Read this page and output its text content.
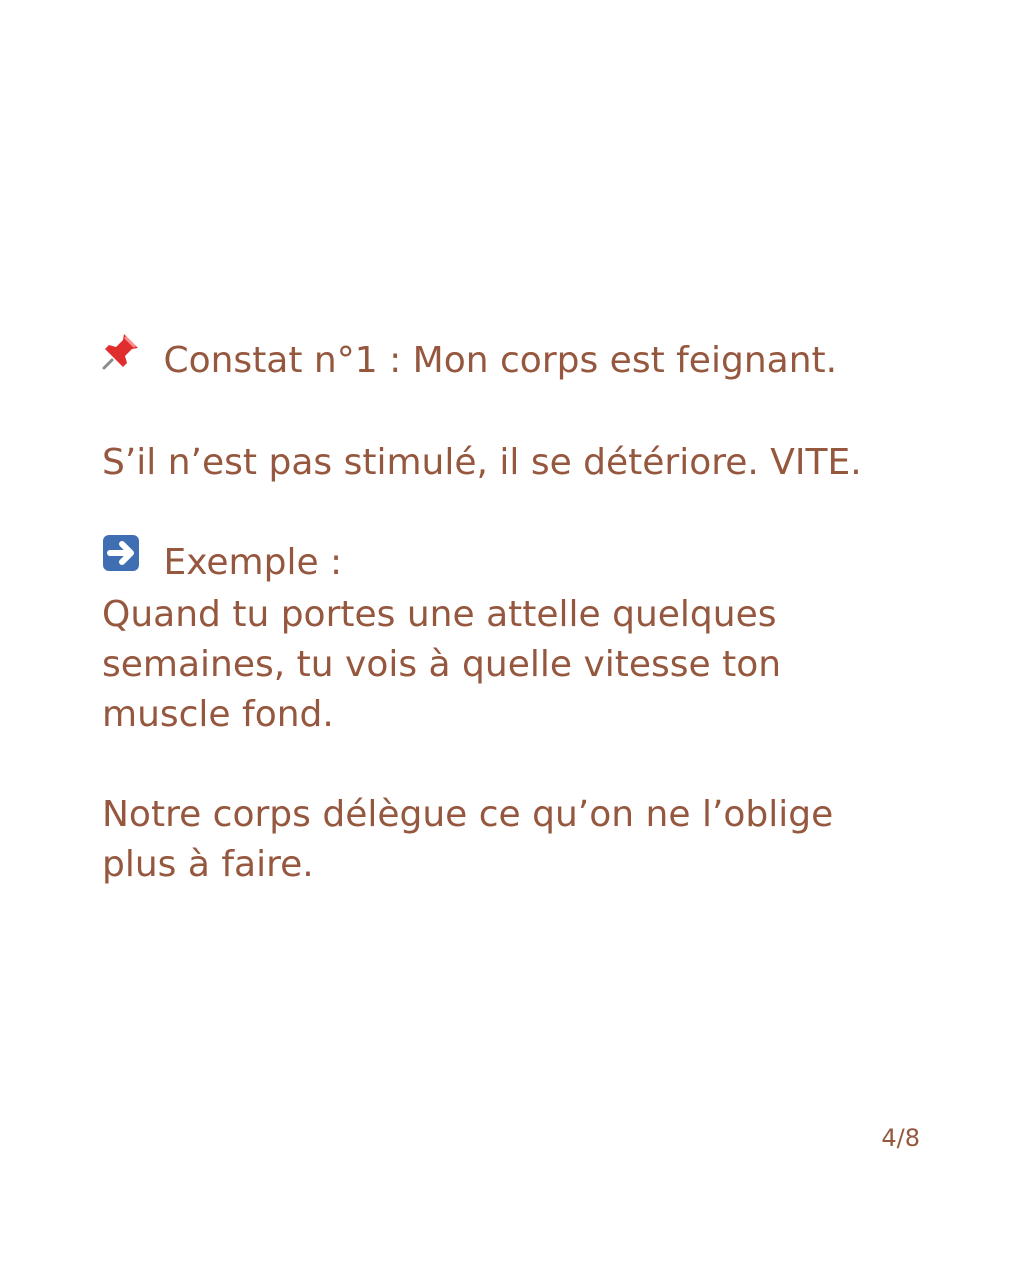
Constat n°1 : Mon corps est feignant.
S’il n’est pas stimulé, il se détériore. VITE.
Exemple :
Quand tu portes une attelle quelques
semaines, tu vois à quelle vitesse ton
muscle fond.
Notre corps délègue ce qu’on ne l’oblige
plus à faire.
4/8
